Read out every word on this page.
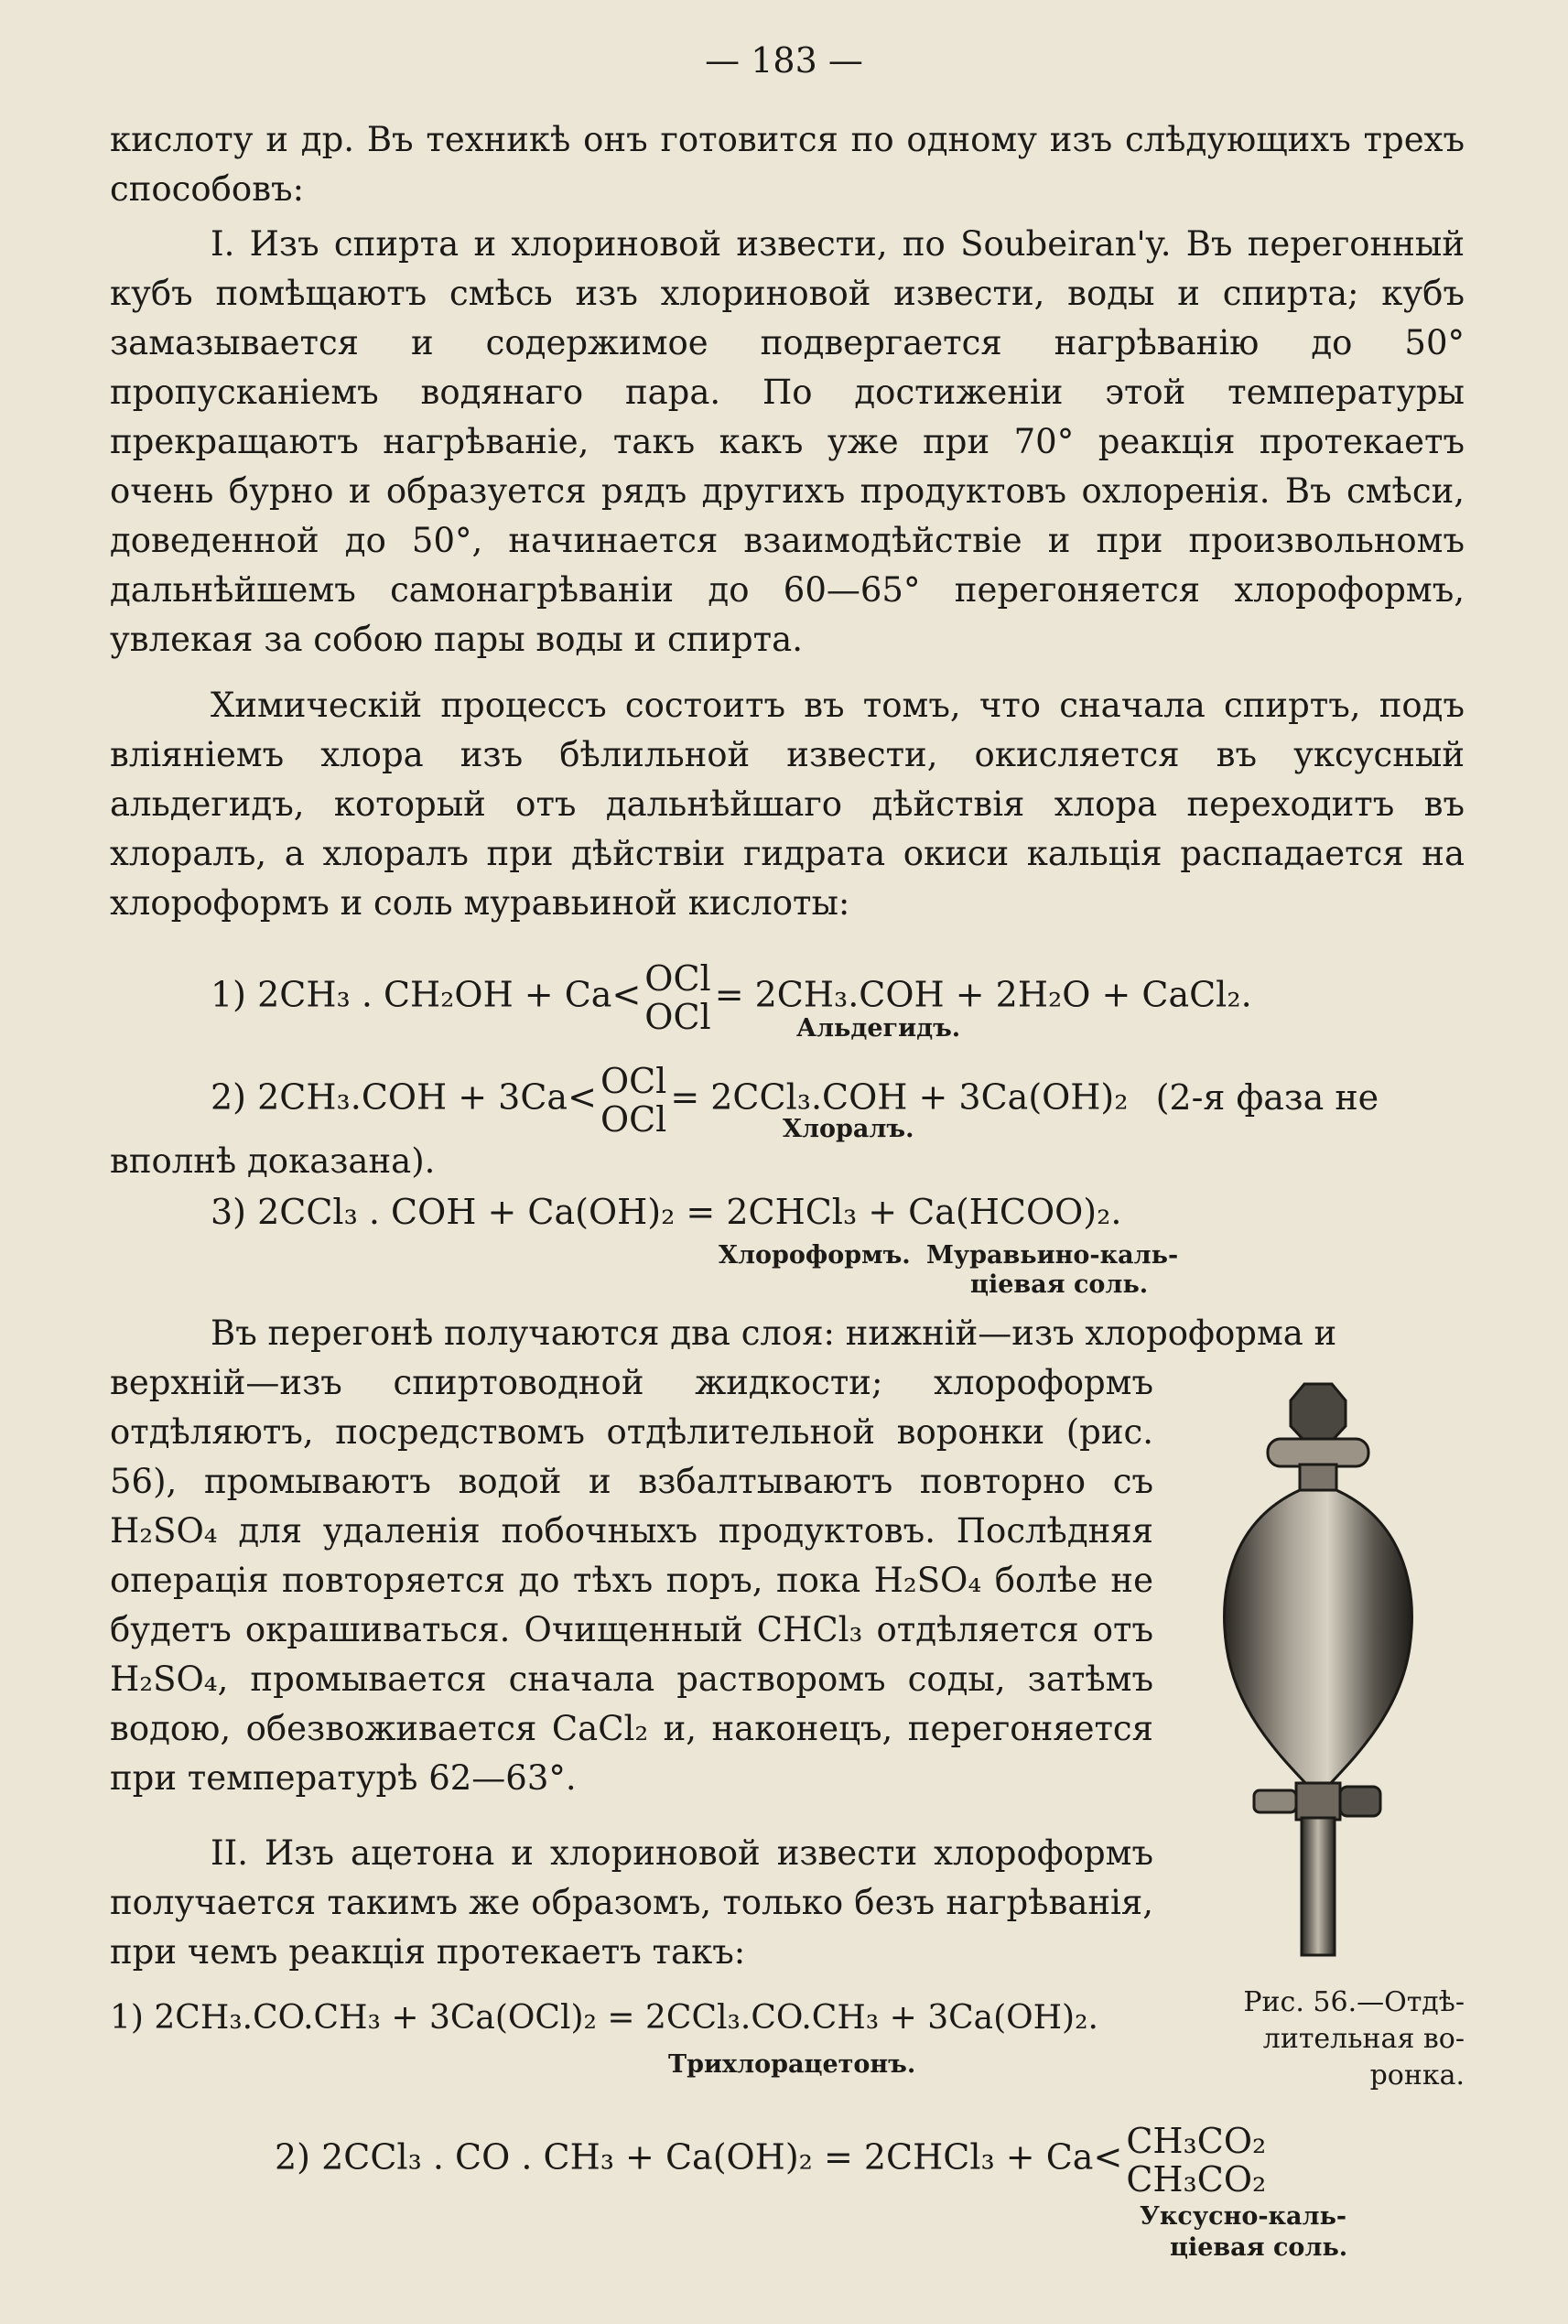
— 183 —

кислоту и др. Въ техникѣ онъ готовится по одному изъ слѣдующихъ трехъ способовъ:

I. Изъ спирта и хлориновой извести, по Soubeiran'y. Въ перегонный кубъ помѣщаютъ смѣсь изъ хлориновой извести, воды и спирта; кубъ замазывается и содержимое подвергается нагрѣванію до 50° пропусканіемъ водянаго пара. По достиженіи этой температуры прекращаютъ нагрѣваніе, такъ какъ уже при 70° реакція протекаетъ очень бурно и образуется рядъ другихъ продуктовъ охлоренія. Въ смѣси, доведенной до 50°, начинается взаимодѣйствіе и при произвольномъ дальнѣйшемъ самонагрѣваніи до 60—65° перегоняется хлороформъ, увлекая за собою пары воды и спирта.

Химическій процессъ состоитъ въ томъ, что сначала спиртъ, подъ вліяніемъ хлора изъ бѣлильной извести, окисляется въ уксусный альдегидъ, который отъ дальнѣйшаго дѣйствія хлора переходитъ въ хлоралъ, а хлоралъ при дѣйствіи гидрата окиси кальція распадается на хлороформъ и соль муравьиной кислоты:

1) 2CH₃ . CH₂OH + Ca< OCl
OCl
= 2CH₃.COH + 2H₂O + CaCl₂.
Альдегидъ.
2) 2CH₃.COH + 3Ca< OCl
OCl
= 2CCl₃.COH + 3Ca(OH)₂ (2-я фаза не
Хлоралъ.
вполнѣ доказана).
3) 2CCl₃ . COH + Ca(OH)₂ = 2CHCl₃ + Ca(HCOO)₂.
Хлороформъ. Муравьино-каль-
ціевая соль.

Въ перегонѣ получаются два слоя: нижній—изъ хлороформа и

верхній—изъ спиртоводной жидкости; хлороформъ отдѣляютъ, посредствомъ отдѣлительной воронки (рис. 56), промываютъ водой и взбалтываютъ повторно съ H₂SO₄ для удаленія побочныхъ продуктовъ. Послѣдняя операція повторяется до тѣхъ поръ, пока H₂SO₄ болѣе не будетъ окрашиваться. Очищенный CHCl₃ отдѣляется отъ H₂SO₄, промывается сначала растворомъ соды, затѣмъ водою, обезвоживается CaCl₂ и, наконецъ, перегоняется при температурѣ 62—63°.

II. Изъ ацетона и хлориновой извести хлороформъ получается такимъ же образомъ, только безъ нагрѣванія, при чемъ реакція протекаетъ такъ:

1) 2CH₃.CO.CH₃ + 3Ca(OCl)₂ = 2CCl₃.CO.CH₃ + 3Ca(OH)₂.
Трихлорацетонъ.
2) 2CCl₃ . CO . CH₃ + Ca(OH)₂ = 2CHCl₃ + Ca< CH₃CO₂
CH₃CO₂
Уксусно-каль-
ціевая соль.
Рис. 56.—Отдѣ-
лительная во-
ронка.
